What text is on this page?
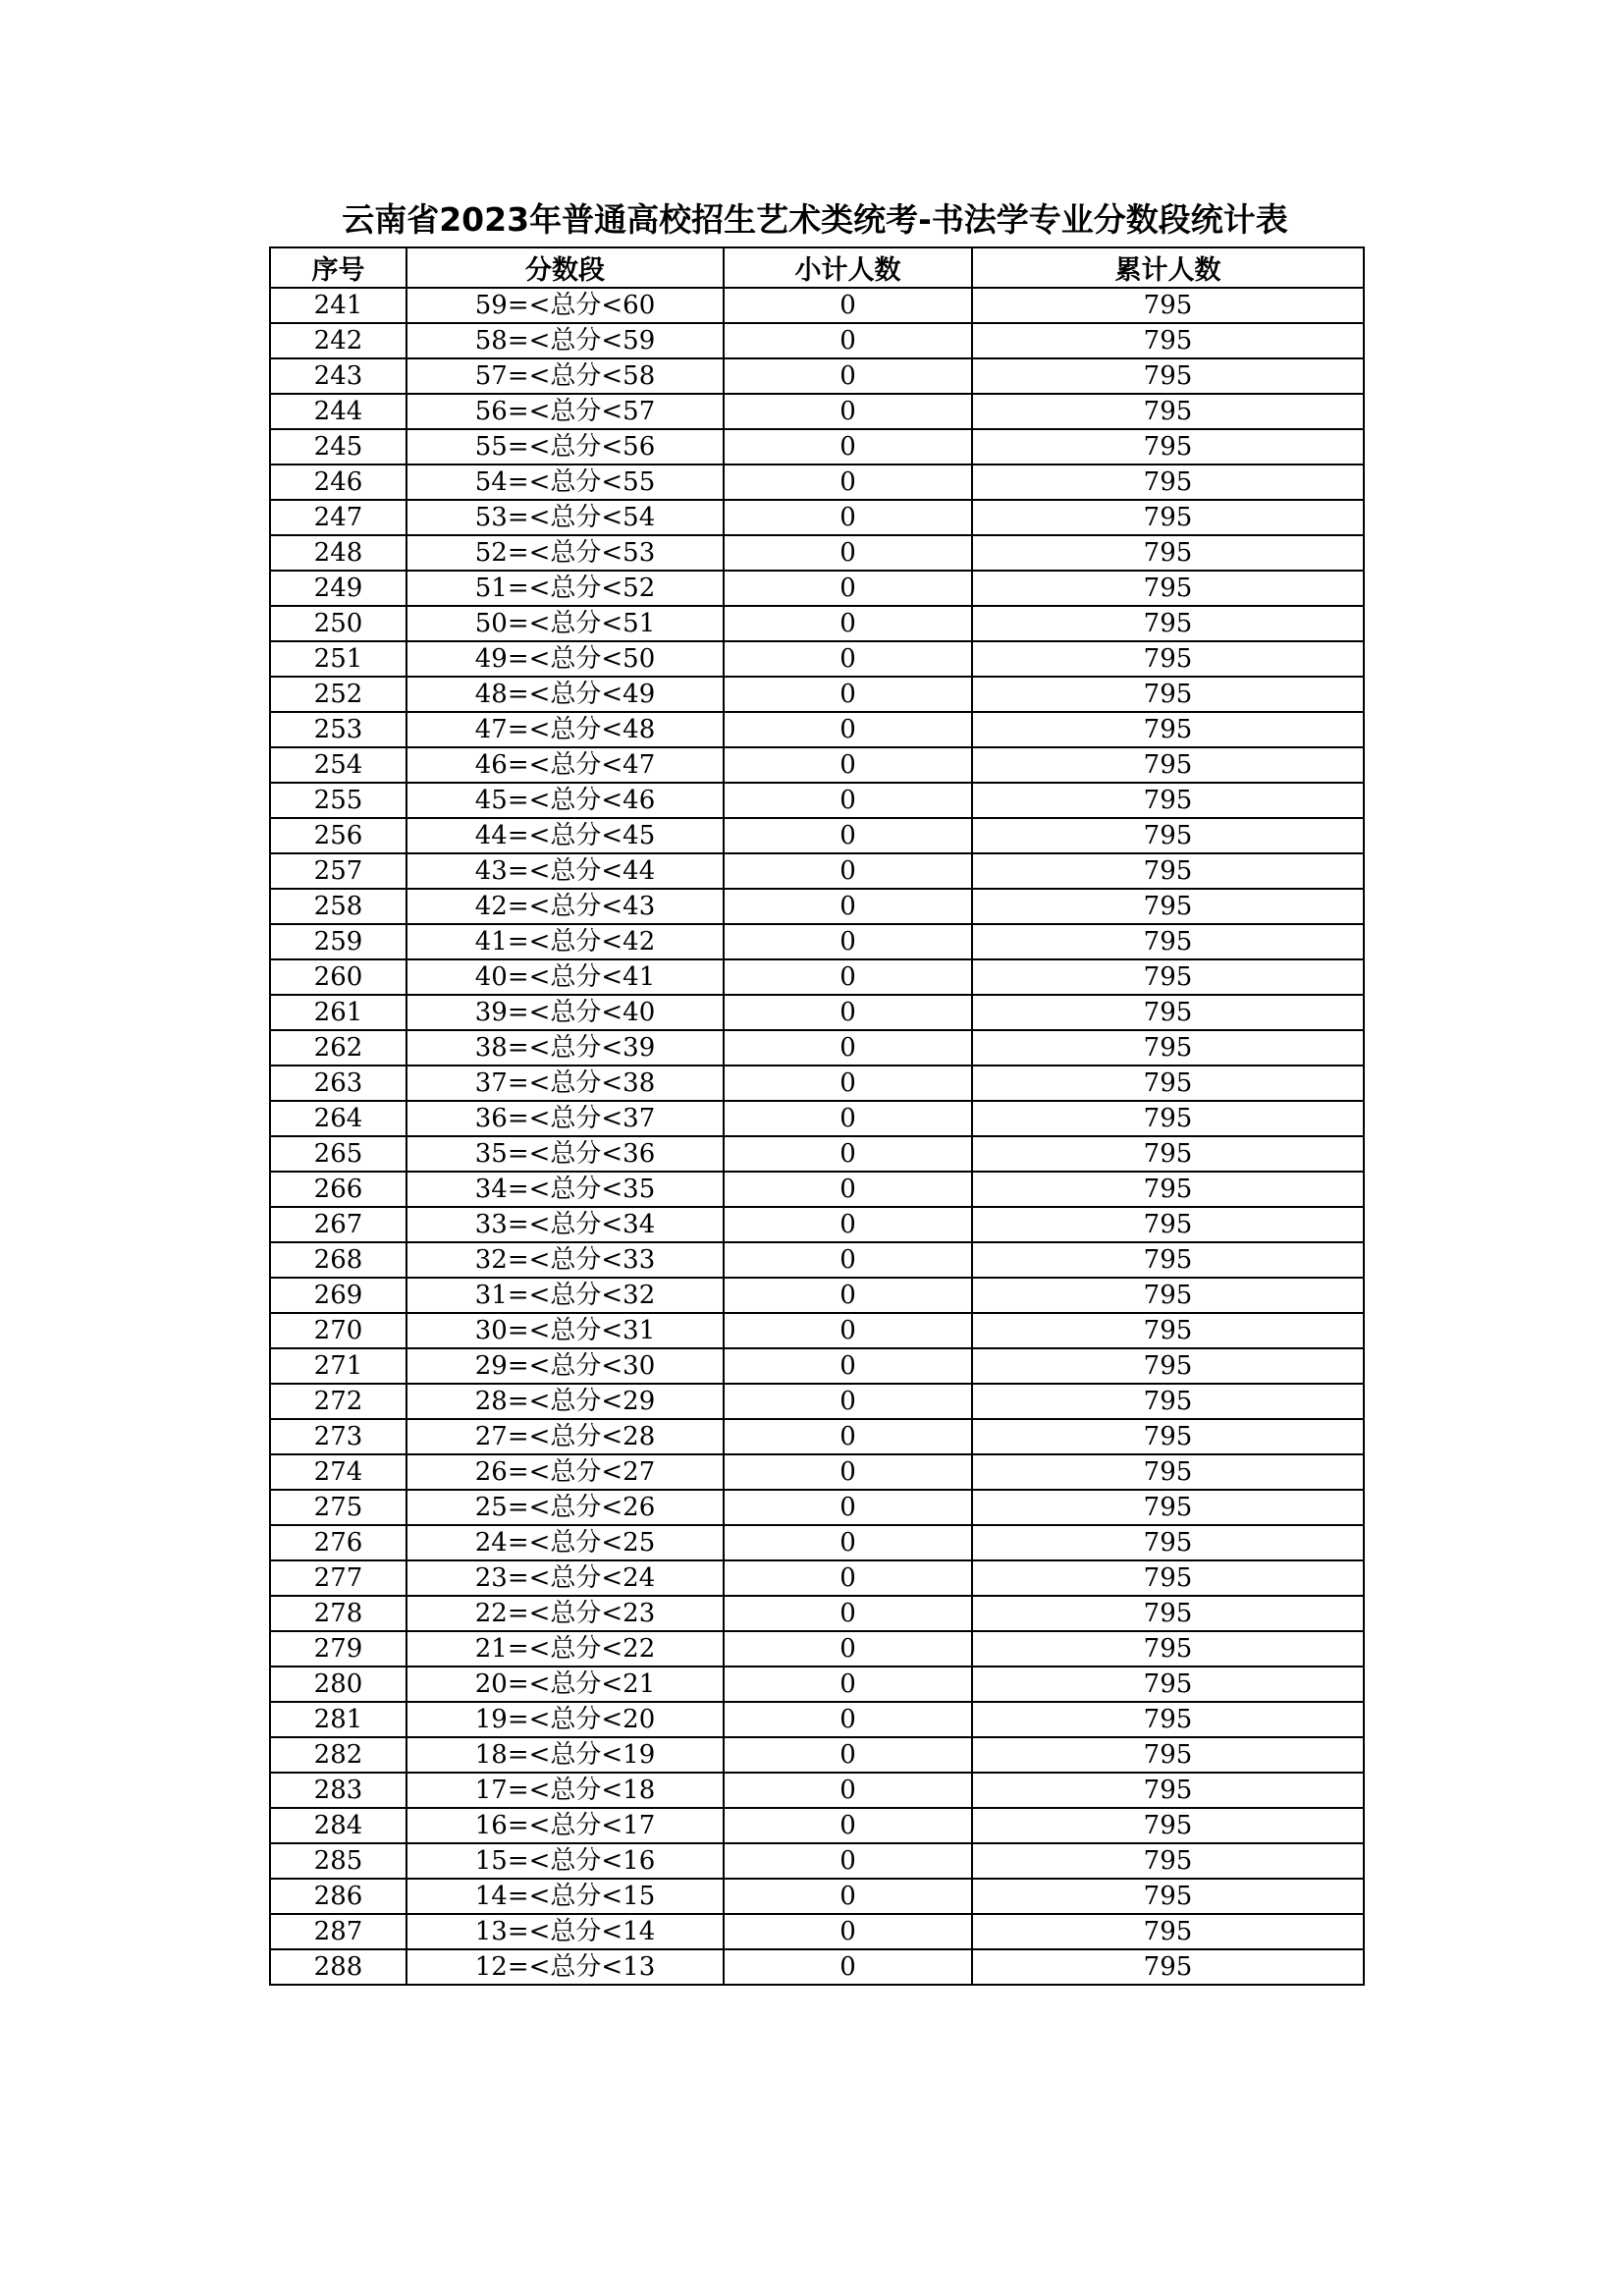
云南省2023年普通高校招生艺术类统考-书法学专业分数段统计表
序号	分数段	小计人数	累计人数
241	59=<总分<60	0	795
242	58=<总分<59	0	795
243	57=<总分<58	0	795
244	56=<总分<57	0	795
245	55=<总分<56	0	795
246	54=<总分<55	0	795
247	53=<总分<54	0	795
248	52=<总分<53	0	795
249	51=<总分<52	0	795
250	50=<总分<51	0	795
251	49=<总分<50	0	795
252	48=<总分<49	0	795
253	47=<总分<48	0	795
254	46=<总分<47	0	795
255	45=<总分<46	0	795
256	44=<总分<45	0	795
257	43=<总分<44	0	795
258	42=<总分<43	0	795
259	41=<总分<42	0	795
260	40=<总分<41	0	795
261	39=<总分<40	0	795
262	38=<总分<39	0	795
263	37=<总分<38	0	795
264	36=<总分<37	0	795
265	35=<总分<36	0	795
266	34=<总分<35	0	795
267	33=<总分<34	0	795
268	32=<总分<33	0	795
269	31=<总分<32	0	795
270	30=<总分<31	0	795
271	29=<总分<30	0	795
272	28=<总分<29	0	795
273	27=<总分<28	0	795
274	26=<总分<27	0	795
275	25=<总分<26	0	795
276	24=<总分<25	0	795
277	23=<总分<24	0	795
278	22=<总分<23	0	795
279	21=<总分<22	0	795
280	20=<总分<21	0	795
281	19=<总分<20	0	795
282	18=<总分<19	0	795
283	17=<总分<18	0	795
284	16=<总分<17	0	795
285	15=<总分<16	0	795
286	14=<总分<15	0	795
287	13=<总分<14	0	795
288	12=<总分<13	0	795
